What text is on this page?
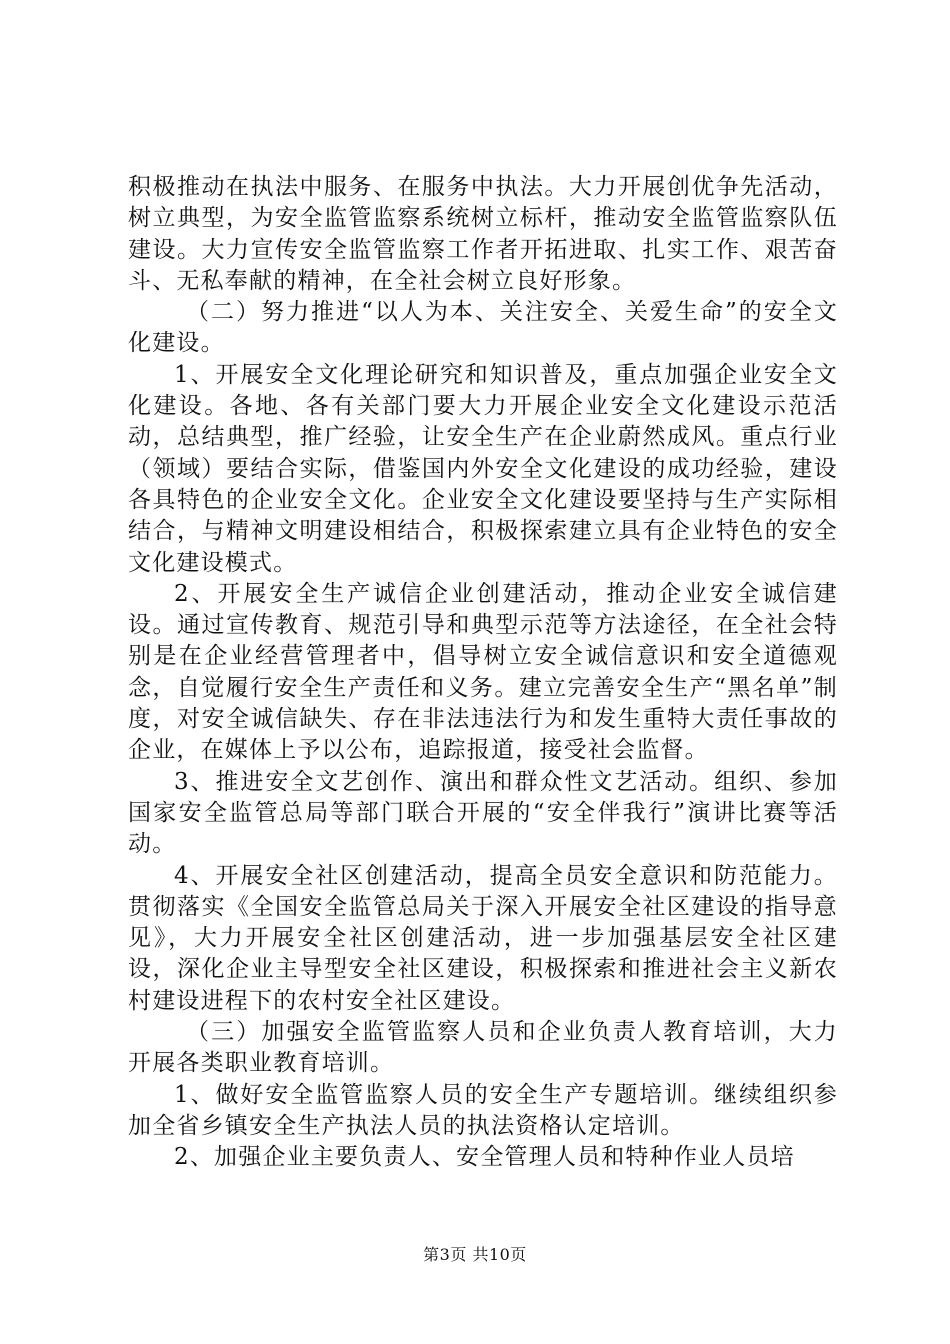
积极推动在执法中服务、在服务中执法。大力开展创优争先活动，树立典型，为安全监管监察系统树立标杆，推动安全监管监察队伍建设。大力宣传安全监管监察工作者开拓进取、扎实工作、艰苦奋斗、无私奉献的精神，在全社会树立良好形象。

（二）努力推进“以人为本、关注安全、关爱生命”的安全文化建设。

1、开展安全文化理论研究和知识普及，重点加强企业安全文化建设。各地、各有关部门要大力开展企业安全文化建设示范活动，总结典型，推广经验，让安全生产在企业蔚然成风。重点行业（领域）要结合实际，借鉴国内外安全文化建设的成功经验，建设各具特色的企业安全文化。企业安全文化建设要坚持与生产实际相结合，与精神文明建设相结合，积极探索建立具有企业特色的安全文化建设模式。

2、开展安全生产诚信企业创建活动，推动企业安全诚信建设。通过宣传教育、规范引导和典型示范等方法途径，在全社会特别是在企业经营管理者中，倡导树立安全诚信意识和安全道德观念，自觉履行安全生产责任和义务。建立完善安全生产“黑名单”制度，对安全诚信缺失、存在非法违法行为和发生重特大责任事故的企业，在媒体上予以公布，追踪报道，接受社会监督。

3、推进安全文艺创作、演出和群众性文艺活动。组织、参加国家安全监管总局等部门联合开展的“安全伴我行”演讲比赛等活动。

4、开展安全社区创建活动，提高全员安全意识和防范能力。贯彻落实《全国安全监管总局关于深入开展安全社区建设的指导意见》，大力开展安全社区创建活动，进一步加强基层安全社区建设，深化企业主导型安全社区建设，积极探索和推进社会主义新农村建设进程下的农村安全社区建设。

（三）加强安全监管监察人员和企业负责人教育培训，大力开展各类职业教育培训。

1、做好安全监管监察人员的安全生产专题培训。继续组织参加全省乡镇安全生产执法人员的执法资格认定培训。

2、加强企业主要负责人、安全管理人员和特种作业人员培

第3页 共10页
